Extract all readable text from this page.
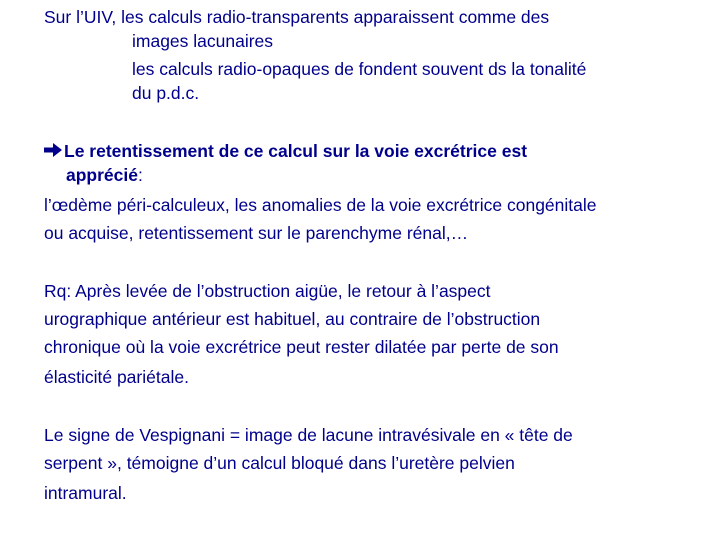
Sur l’UIV, les calculs radio-transparents apparaissent comme des
images lacunaires
les calculs radio-opaques de fondent souvent ds la tonalité
du p.d.c.
Le retentissement de ce calcul sur la voie excrétrice est
apprécié:
l’œdème péri-calculeux, les anomalies de la voie excrétrice congénitale
ou acquise, retentissement sur le parenchyme rénal,…
Rq: Après levée de l’obstruction aigüe, le retour à l’aspect
urographique antérieur est habituel, au contraire de l’obstruction
chronique où la voie excrétrice peut rester dilatée par perte de son
élasticité pariétale.
Le signe de Vespignani = image de lacune intravésivale en « tête de
serpent », témoigne d’un calcul bloqué dans l’uretère pelvien
intramural.
